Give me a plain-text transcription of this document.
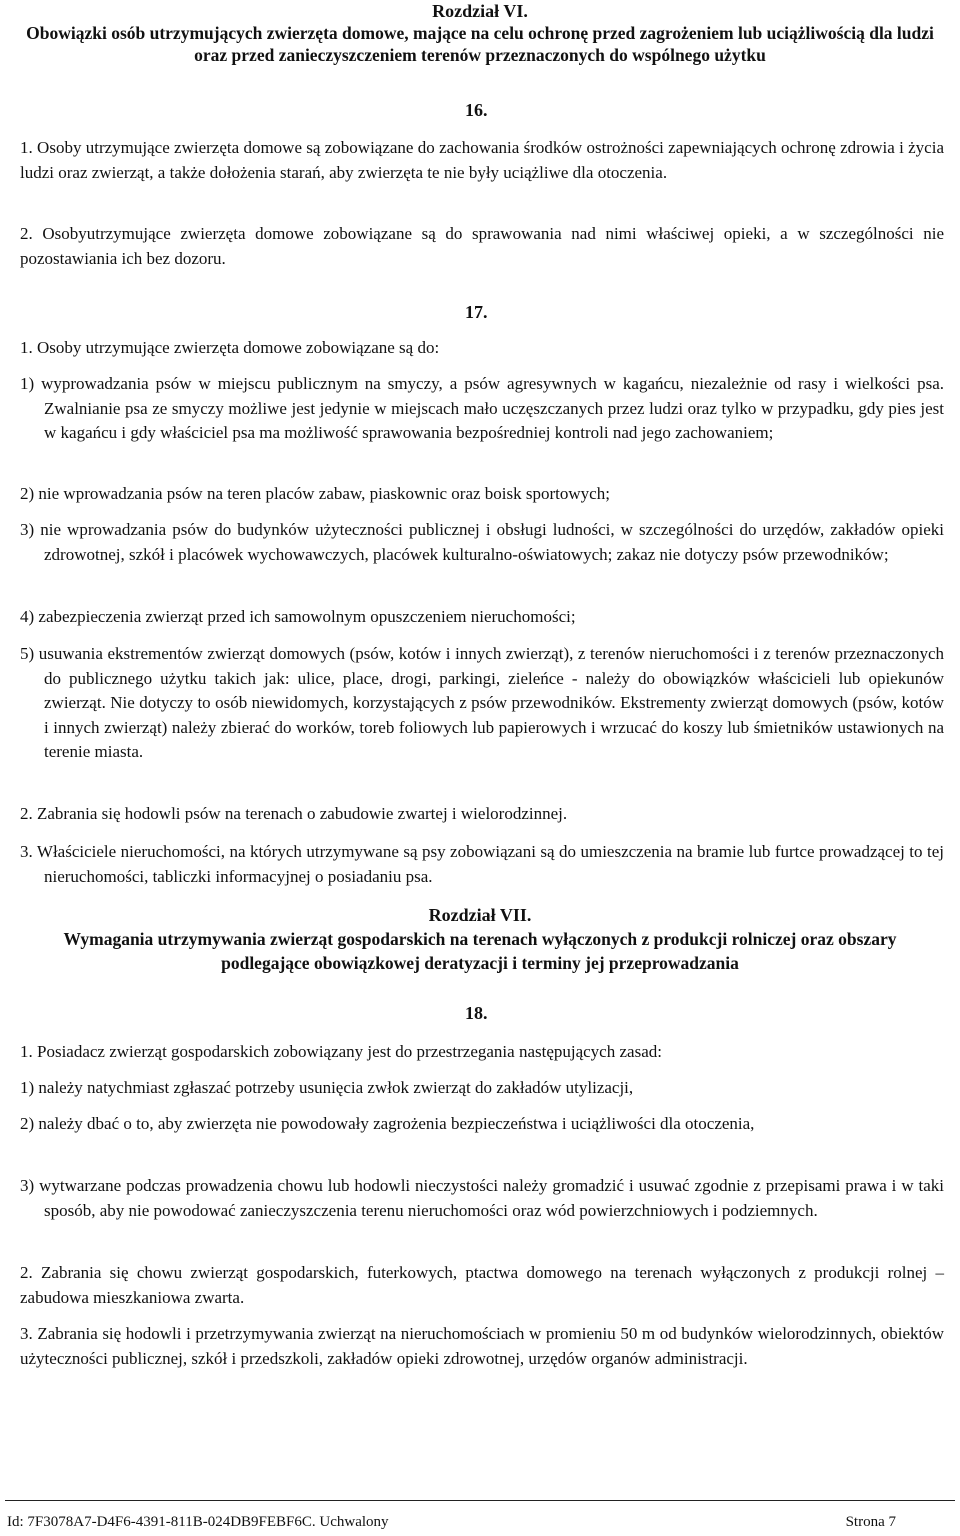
Rozdział VI.
Obowiązki osób utrzymujących zwierzęta domowe, mające na celu ochronę przed zagrożeniem lub uciążliwością dla ludzi oraz przed zanieczyszczeniem terenów przeznaczonych do wspólnego użytku
16.
1. Osoby utrzymujące zwierzęta domowe są zobowiązane do zachowania środków ostrożności zapewniających ochronę zdrowia i życia ludzi oraz zwierząt, a także dołożenia starań, aby zwierzęta te nie były uciążliwe dla otoczenia.
2. Osobyutrzymujące zwierzęta domowe zobowiązane są do sprawowania nad nimi właściwej opieki, a w szczególności nie pozostawiania ich bez dozoru.
17.
1. Osoby utrzymujące zwierzęta domowe zobowiązane są do:
1) wyprowadzania psów w miejscu publicznym na smyczy, a psów agresywnych w kagańcu, niezależnie od rasy i wielkości psa. Zwalnianie psa ze smyczy możliwe jest jedynie w miejscach mało uczęszczanych przez ludzi oraz tylko w przypadku, gdy pies jest w kagańcu i gdy właściciel psa ma możliwość sprawowania bezpośredniej kontroli nad jego zachowaniem;
2) nie wprowadzania psów na teren placów zabaw, piaskownic oraz boisk sportowych;
3) nie wprowadzania psów do budynków użyteczności publicznej i obsługi ludności, w szczególności do urzędów, zakładów opieki zdrowotnej, szkół i placówek wychowawczych, placówek kulturalno-oświatowych; zakaz nie dotyczy psów przewodników;
4) zabezpieczenia zwierząt przed ich samowolnym opuszczeniem nieruchomości;
5) usuwania ekstrementów zwierząt domowych (psów, kotów i innych zwierząt), z terenów nieruchomości i z terenów przeznaczonych do publicznego użytku takich jak: ulice, place, drogi, parkingi, zieleńce - należy do obowiązków właścicieli lub opiekunów zwierząt. Nie dotyczy to osób niewidomych, korzystających z psów przewodników. Ekstrementy zwierząt domowych (psów, kotów i innych zwierząt) należy zbierać do worków, toreb foliowych lub papierowych i wrzucać do koszy lub śmietników ustawionych na terenie miasta.
2. Zabrania się hodowli psów na terenach o zabudowie zwartej i wielorodzinnej.
3. Właściciele nieruchomości, na których utrzymywane są psy zobowiązani są do umieszczenia na bramie lub furtce prowadzącej to tej nieruchomości, tabliczki informacyjnej o posiadaniu psa.
Rozdział VII.
Wymagania utrzymywania zwierząt gospodarskich na terenach wyłączonych z produkcji rolniczej oraz obszary podlegające obowiązkowej deratyzacji i terminy jej przeprowadzania
18.
1. Posiadacz zwierząt gospodarskich zobowiązany jest do przestrzegania następujących zasad:
1) należy natychmiast zgłaszać potrzeby usunięcia zwłok zwierząt do zakładów utylizacji,
2) należy dbać o to, aby zwierzęta nie powodowały zagrożenia bezpieczeństwa i uciążliwości dla otoczenia,
3) wytwarzane podczas prowadzenia chowu lub hodowli nieczystości należy gromadzić i usuwać zgodnie z przepisami prawa i w taki sposób, aby nie powodować zanieczyszczenia terenu nieruchomości oraz wód powierzchniowych i podziemnych.
2. Zabrania się chowu zwierząt gospodarskich, futerkowych, ptactwa domowego na terenach wyłączonych z produkcji rolnej – zabudowa mieszkaniowa zwarta.
3. Zabrania się hodowli i przetrzymywania zwierząt na nieruchomościach w promieniu 50 m od budynków wielorodzinnych, obiektów użyteczności publicznej, szkół i przedszkoli, zakładów opieki zdrowotnej, urzędów organów administracji.
Id: 7F3078A7-D4F6-4391-811B-024DB9FEBF6C. Uchwalony	Strona 7
